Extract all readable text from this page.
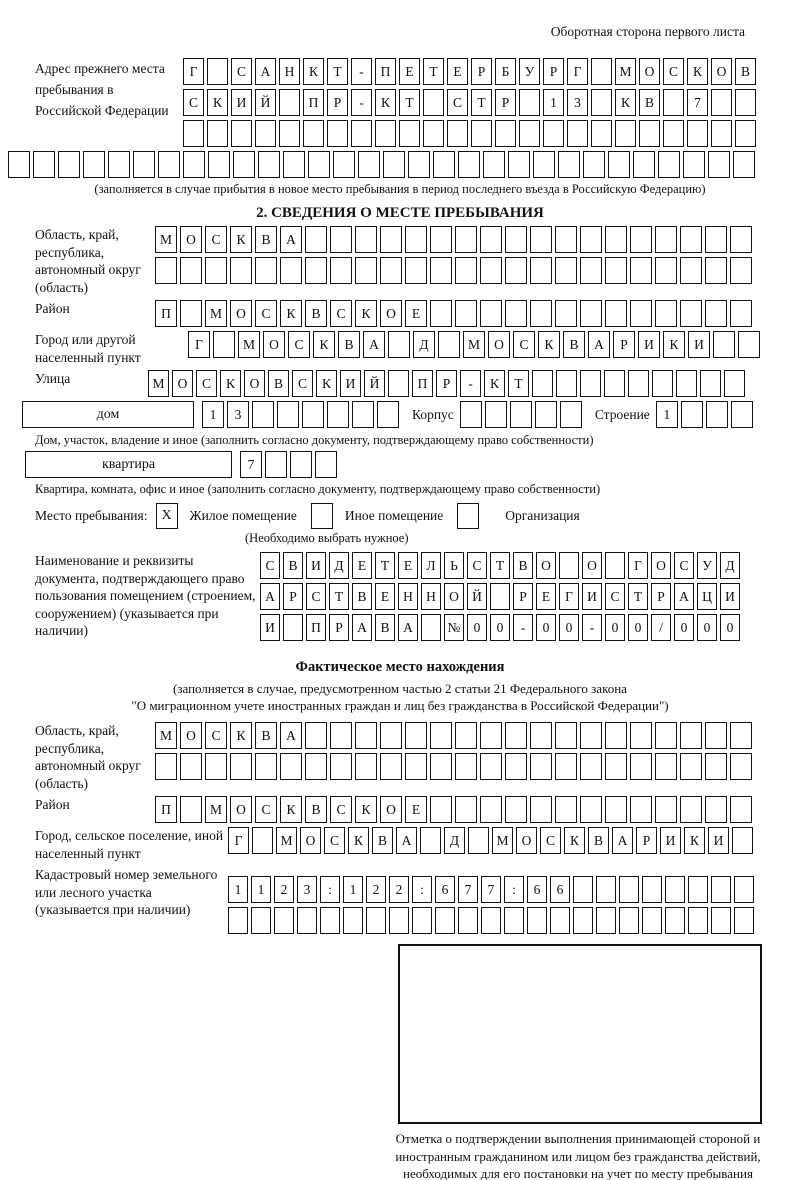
Оборотная сторона первого листа
Адрес прежнего места пребывания в Российской Федерации
Г	С	А	Н	К	Т	-	П	Е	Т	Е	Р	Б	У	Р	Г	М О	С	К	О	В
С	К	И	Й	П	Р	-	К	Т	С	Т	Р	1	3	К	В	7
(заполняется в случае прибытия в новое место пребывания в период последнего въезда в Российскую Федерацию)
2. СВЕДЕНИЯ О МЕСТЕ ПРЕБЫВАНИЯ
Область, край, республика, автономный округ (область)
М	О	С	К	В	А
Район	П	М	О	С	К	В	С	К	О	Е
Город или другой населенный пункт
Г	М	О	С	К	В	А	Д	М	О	С	К	В	А	Р	И	К	И
Улица	М О	С	К	О	В	С	К	И	Й	П	Р	-	К	Т
дом	1	3	Корпус	Строение	1
Дом, участок, владение и иное (заполнить согласно документу, подтверждающему право собственности)
квартира	7
Квартира, комната, офис и иное (заполнить согласно документу, подтверждающему право собственности)
Место пребывания: X	Жилое помещение	Иное помещение	Организация
(Необходимо выбрать нужное)
Наименование и реквизиты документа, подтверждающего право пользования помещением (строением, сооружением) (указывается при наличии)
С	В	И	Д	Е	Т	Е	Л	Ь	С	Т	В	О	О	Г	О	С	У	Д
А	Р	С	Т	В	Е	Н Н О Й	Р	Е	Г	И	С	Т	Р	А Ц И
И	П	Р	А	В	А	№ 0	0	-	0	0	-	0	0	/	0	0	0
Фактическое место нахождения
(заполняется в случае, предусмотренном частью 2 статьи 21 Федерального закона
"О миграционном учете иностранных граждан и лиц без гражданства в Российской Федерации")
Область, край, республика, автономный округ (область)
М	О	С	К	В	А
Район	П	М	О	С	К	В	С	К	О	Е
Город, сельское поселение, иной населенный пункт
Г	М О	С	К	В	А	Д	М О	С	К	В	А	Р	И	К	И
Кадастровый номер земельного или лесного участка (указывается при наличии)
1	1	2	3	:	1	2	2	:	6	7	7	:	6	6
Отметка о подтверждении выполнения принимающей стороной и иностранным гражданином или лицом без гражданства действий, необходимых для его постановки на учет по месту пребывания
